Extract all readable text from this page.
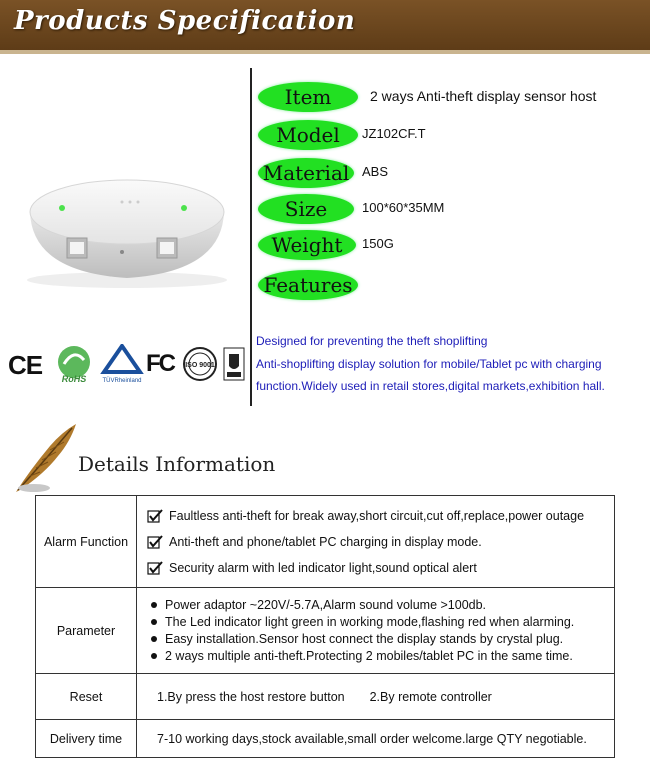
Products Specification
Item	2 ways Anti-theft display sensor host
Model	JZ102CF.T
Material ABS
Size	100*60*35MM
Weight	150G
Features
Designed for preventing the theft shoplifting
Anti-shoplifting display solution for mobile/Tablet pc with charging
function.Widely used in retail stores,digital markets,exhibition hall.
CE RoHS	TÜVRheinland
FC ISO 9001
Details Information
Alarm Function	Faultless anti-theft for break away,short circuit,cut off,replace,power outage
Anti-theft and phone/tablet PC charging in display mode.
Security alarm with led indicator light,sound optical alert

Parameter	Power adaptor ~220V/-5.7A,Alarm sound volume >100db.
The Led indicator light green in working mode,flashing red when alarming.
Easy installation.Sensor host connect the display stands by crystal plug.
2 ways multiple anti-theft.Protecting 2 mobiles/tablet PC in the same time.

Reset	1.By press the host restore button 2.By remote controller
Delivery time	7-10 working days,stock available,small order welcome.large QTY negotiable.
